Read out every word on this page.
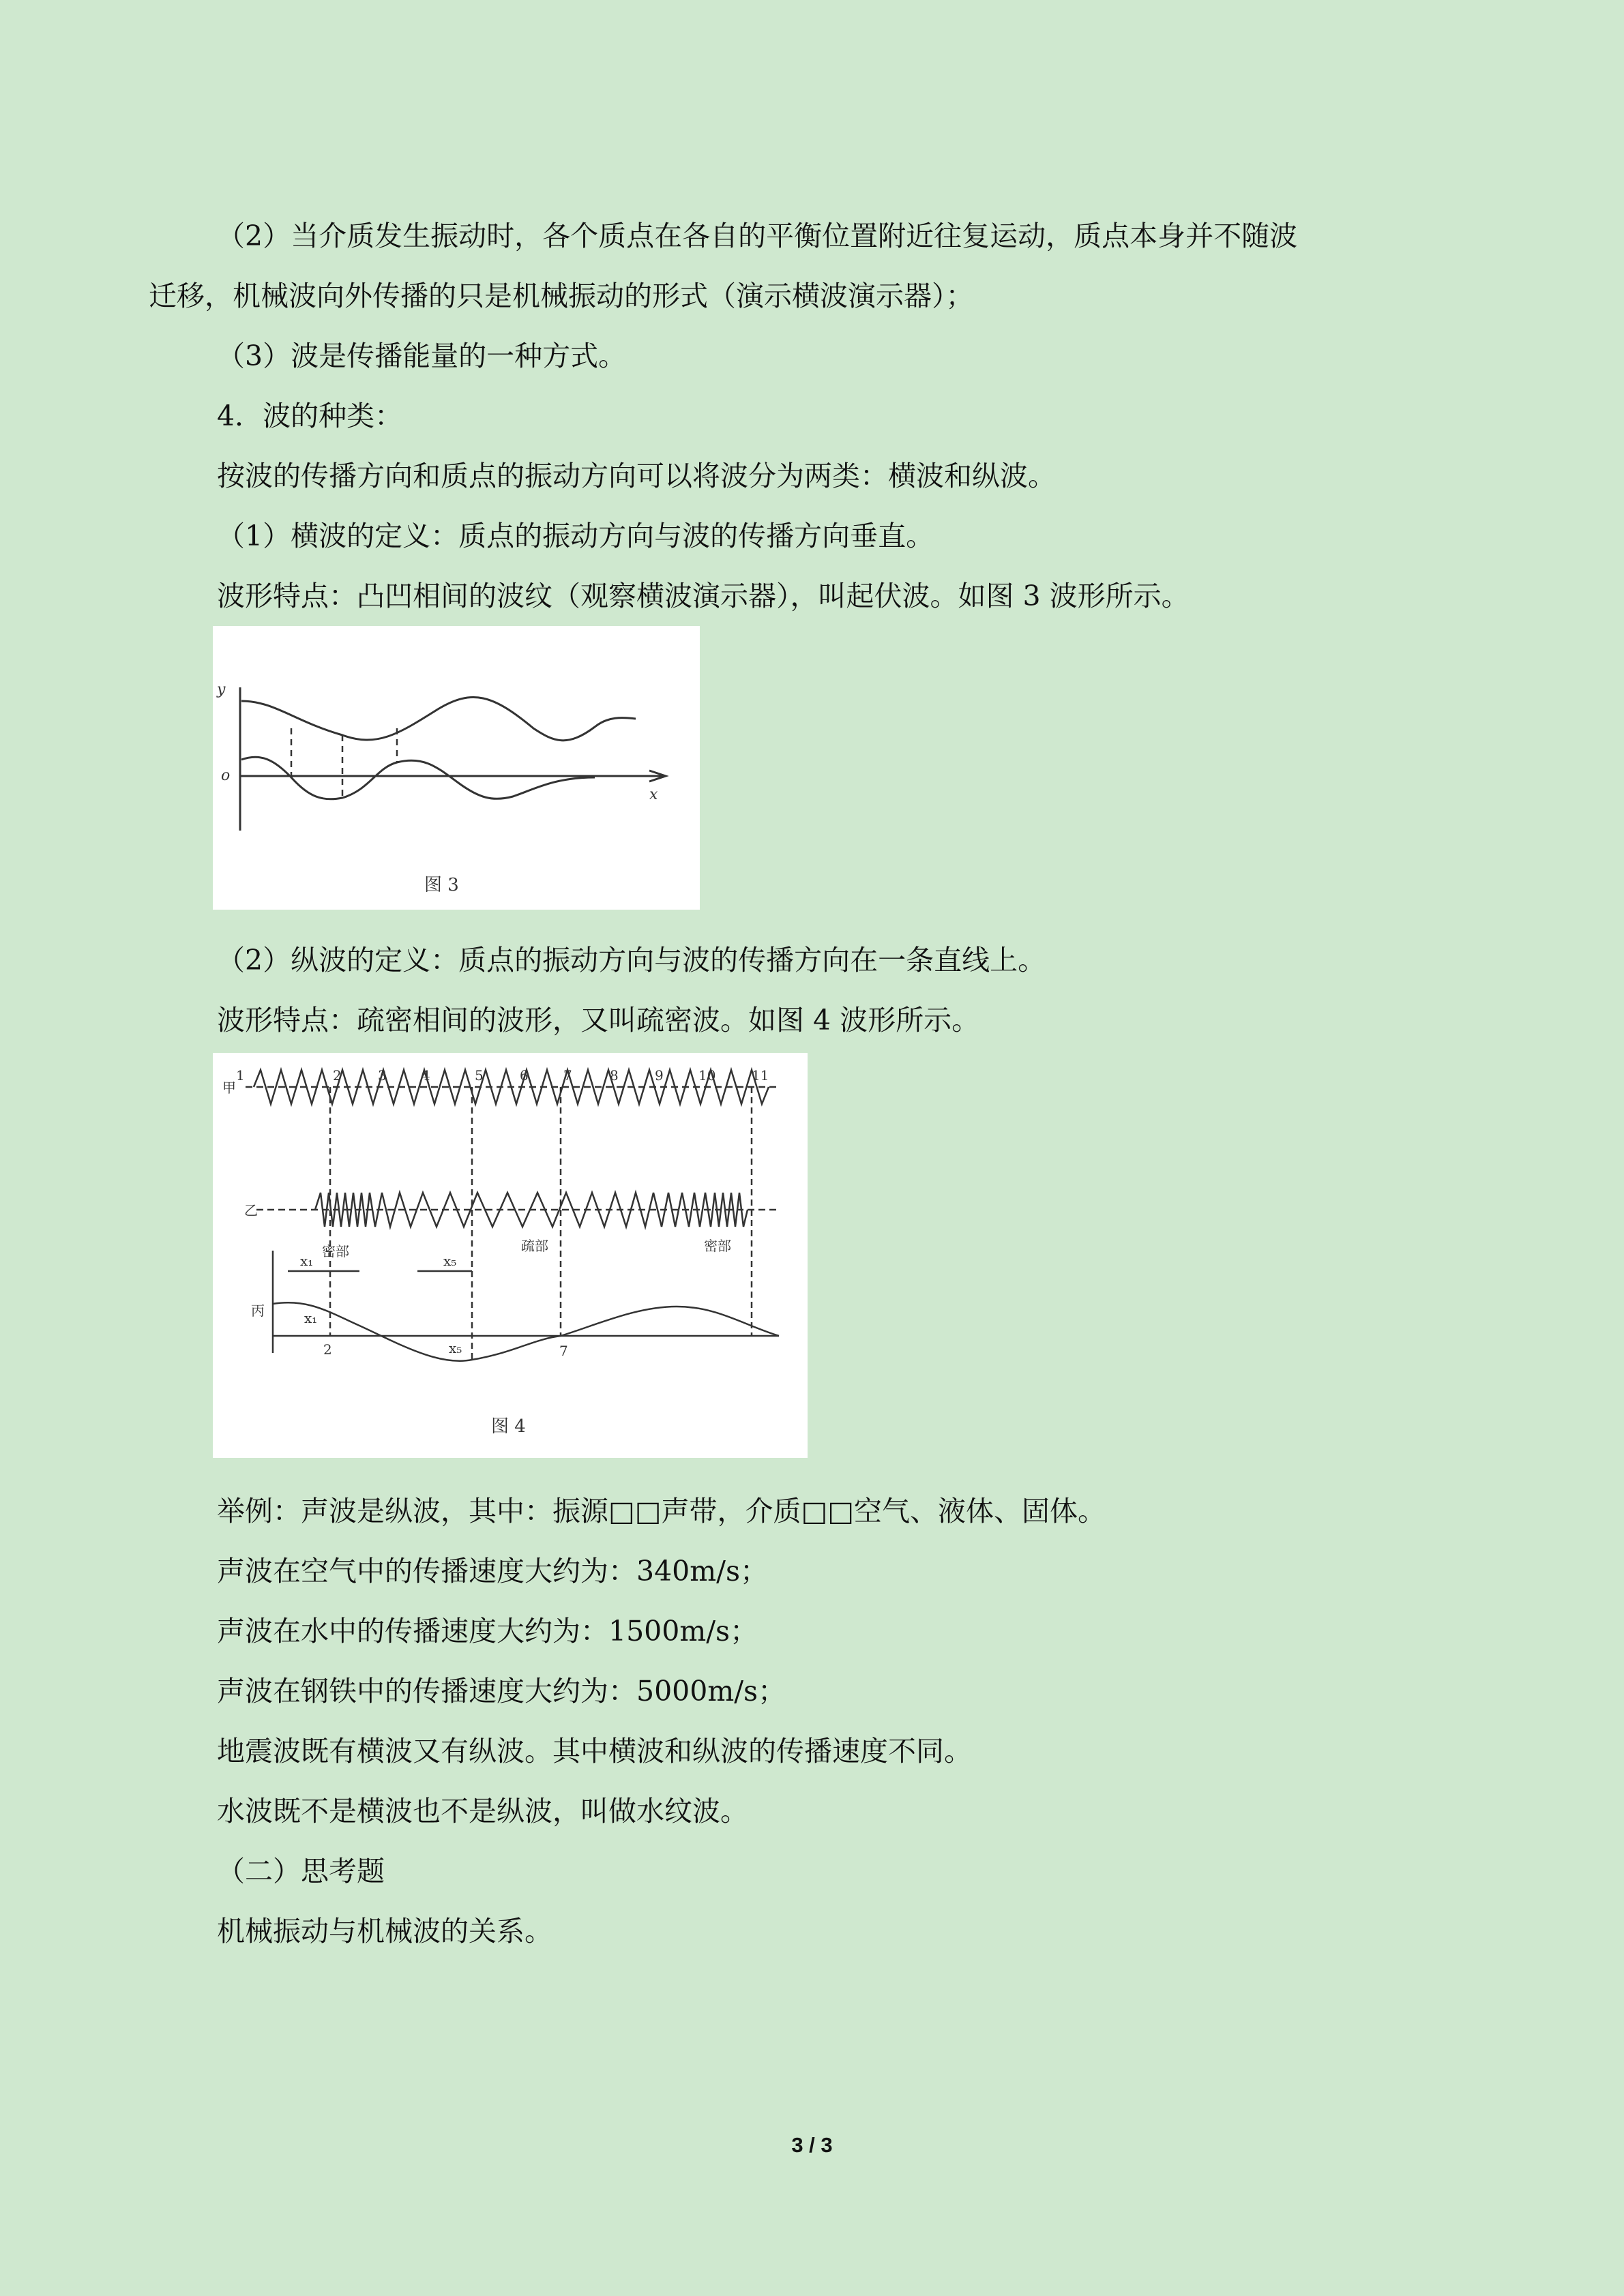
（2）当介质发生振动时，各个质点在各自的平衡位置附近往复运动，质点本身并不随波
迁移，机械波向外传播的只是机械振动的形式（演示横波演示器）；
（3）波是传播能量的一种方式。
4．波的种类：
按波的传播方向和质点的振动方向可以将波分为两类：横波和纵波。
（1）横波的定义：质点的振动方向与波的传播方向垂直。
波形特点：凸凹相间的波纹（观察横波演示器），叫起伏波。如图 3 波形所示。
y
o
x
图 3
（2）纵波的定义：质点的振动方向与波的传播方向在一条直线上。
波形特点：疏密相间的波形，又叫疏密波。如图 4 波形所示。
甲
乙
丙
1	2	3	4	5	6	7	8	9	10	11
密部	疏部	密部
x₁	x₅
2	7
x₁
x₅
图 4
举例：声波是纵波，其中：振源□□声带，介质□□空气、液体、固体。
声波在空气中的传播速度大约为：340m/s；
声波在水中的传播速度大约为：1500m/s；
声波在钢铁中的传播速度大约为：5000m/s；
地震波既有横波又有纵波。其中横波和纵波的传播速度不同。
水波既不是横波也不是纵波，叫做水纹波。
（二）思考题
机械振动与机械波的关系。
3 / 3
